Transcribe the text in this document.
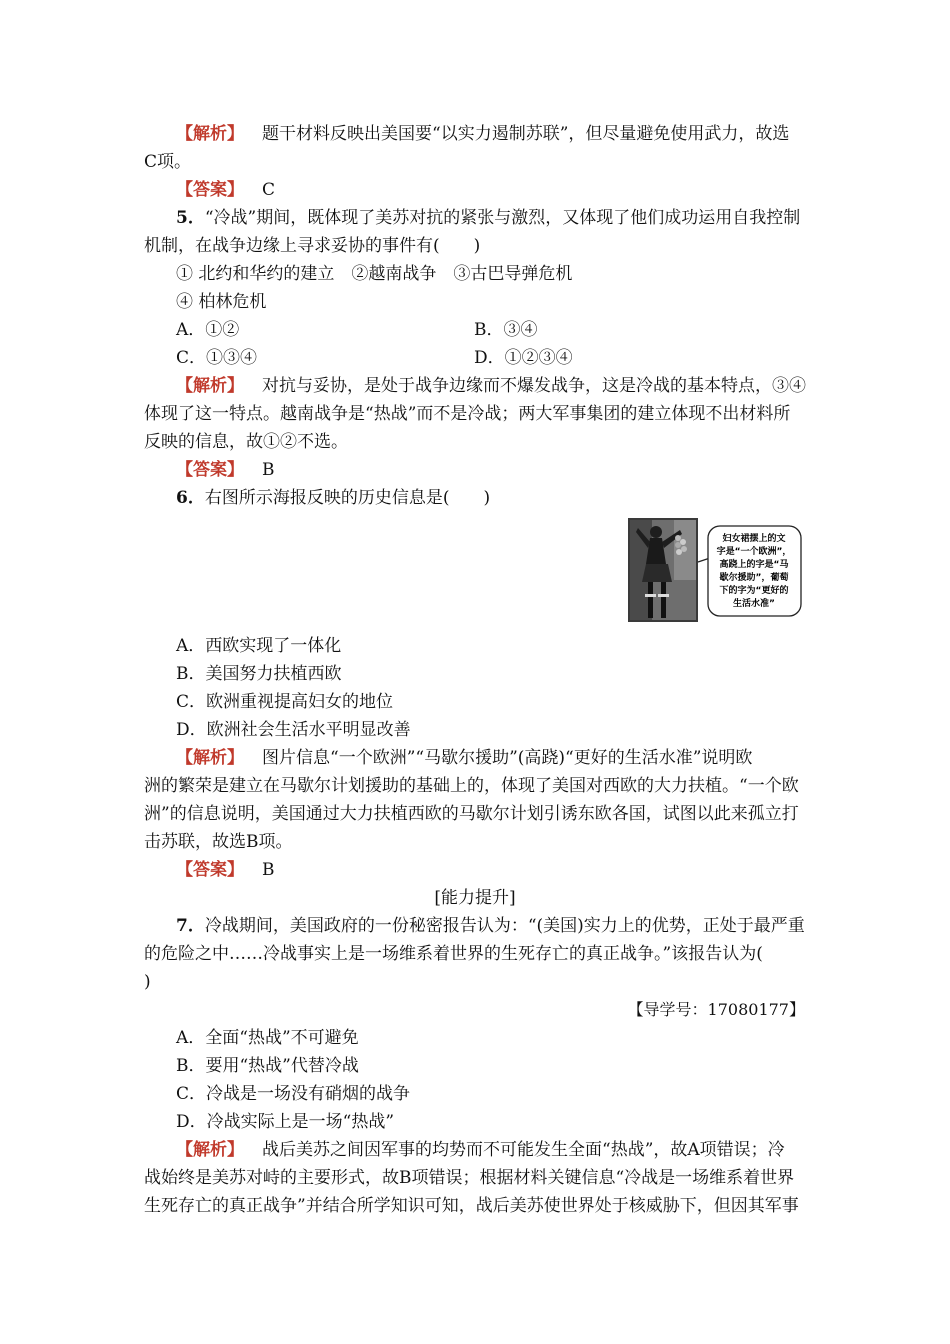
【解析】 题干材料反映出美国要“以实力遏制苏联”，但尽量避免使用武力，故选
C项。
【答案】 C
5．“冷战”期间，既体现了美苏对抗的紧张与激烈，又体现了他们成功运用自我控制
机制，在战争边缘上寻求妥协的事件有(　　)
① 北约和华约的建立　②越南战争　③古巴导弹危机
④ 柏林危机
A．①②	B．③④
C．①③④	D．①②③④
【解析】 对抗与妥协，是处于战争边缘而不爆发战争，这是冷战的基本特点，③④
体现了这一特点。越南战争是“热战”而不是冷战；两大军事集团的建立体现不出材料所
反映的信息，故①②不选。
【答案】 B
6．右图所示海报反映的历史信息是(　　)
妇女裙摆上的文
字是“一个欧洲”，
高跷上的字是“马
歇尔援助”，葡萄
下的字为“更好的
生活水准”
A．西欧实现了一体化
B．美国努力扶植西欧
C．欧洲重视提高妇女的地位
D．欧洲社会生活水平明显改善
【解析】 图片信息“一个欧洲”“马歇尔援助”(高跷)“更好的生活水准”说明欧
洲的繁荣是建立在马歇尔计划援助的基础上的，体现了美国对西欧的大力扶植。“一个欧
洲”的信息说明，美国通过大力扶植西欧的马歇尔计划引诱东欧各国，试图以此来孤立打
击苏联，故选B项。
【答案】 B
[能力提升]
7．冷战期间，美国政府的一份秘密报告认为：“(美国)实力上的优势，正处于最严重
的危险之中……冷战事实上是一场维系着世界的生死存亡的真正战争。”该报告认为(
)
【导学号：17080177】
A．全面“热战”不可避免
B．要用“热战”代替冷战
C．冷战是一场没有硝烟的战争
D．冷战实际上是一场“热战”
【解析】 战后美苏之间因军事的均势而不可能发生全面“热战”，故A项错误；冷
战始终是美苏对峙的主要形式，故B项错误；根据材料关键信息“冷战是一场维系着世界
生死存亡的真正战争”并结合所学知识可知，战后美苏使世界处于核威胁下，但因其军事
